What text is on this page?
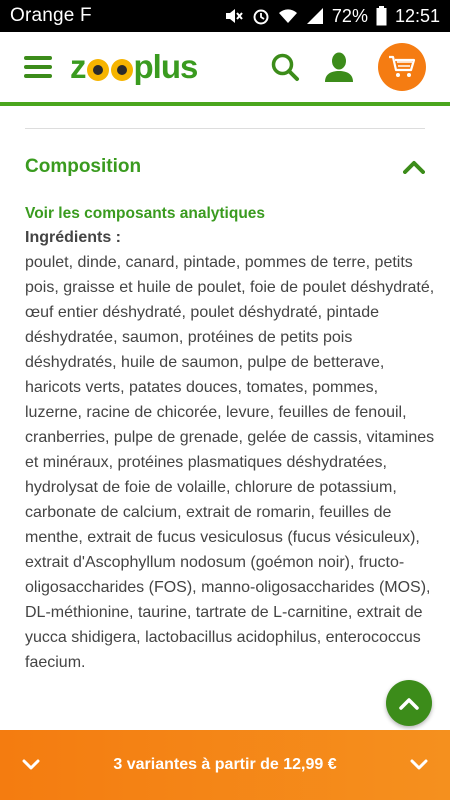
Orange F	72% 12:51
z plus
Composition
Voir les composants analytiques
Ingrédients :
poulet, dinde, canard, pintade, pommes de terre, petits pois, graisse et huile de poulet, foie de poulet déshydraté, œuf entier déshydraté, poulet déshydraté, pintade déshydratée, saumon, protéines de petits pois déshydratés, huile de saumon, pulpe de betterave, haricots verts, patates douces, tomates, pommes, luzerne, racine de chicorée, levure, feuilles de fenouil, cranberries, pulpe de grenade, gelée de cassis, vitamines et minéraux, protéines plasmatiques déshydratées, hydrolysat de foie de volaille, chlorure de potassium, carbonate de calcium, extrait de romarin, feuilles de menthe, extrait de fucus vesiculosus (fucus vésiculeux), extrait d'Ascophyllum nodosum (goémon noir), fructo-oligosaccharides (FOS), manno-oligosaccharides (MOS), DL-méthionine, taurine, tartrate de L-carnitine, extrait de yucca shidigera, lactobacillus acidophilus, enterococcus faecium.
3 variantes à partir de 12,99 €
